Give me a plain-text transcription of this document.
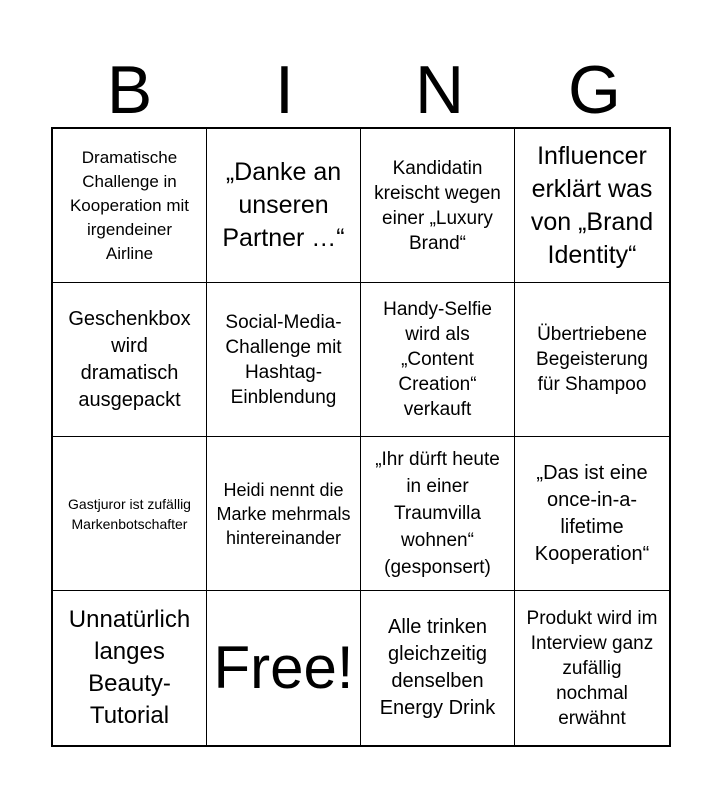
B	I	N	G
Dramatische Challenge in Kooperation mit irgendeiner Airline
„Danke an unseren Partner …“
Kandidatin kreischt wegen einer „Luxury Brand“
Influencer erklärt was von „Brand Identity“
Geschenkbox wird dramatisch ausgepackt
Social-Media-Challenge mit Hashtag-Einblendung
Handy-Selfie wird als „Content Creation“ verkauft
Übertriebene Begeisterung für Shampoo
Gastjuror ist zufällig Markenbotschafter
Heidi nennt die Marke mehrmals hintereinander
„Ihr dürft heute in einer Traumvilla wohnen“ (gesponsert)
„Das ist eine once-in-a-lifetime Kooperation“
Unnatürlich langes Beauty-Tutorial
Free!
Alle trinken gleichzeitig denselben Energy Drink
Produkt wird im Interview ganz zufällig nochmal erwähnt
